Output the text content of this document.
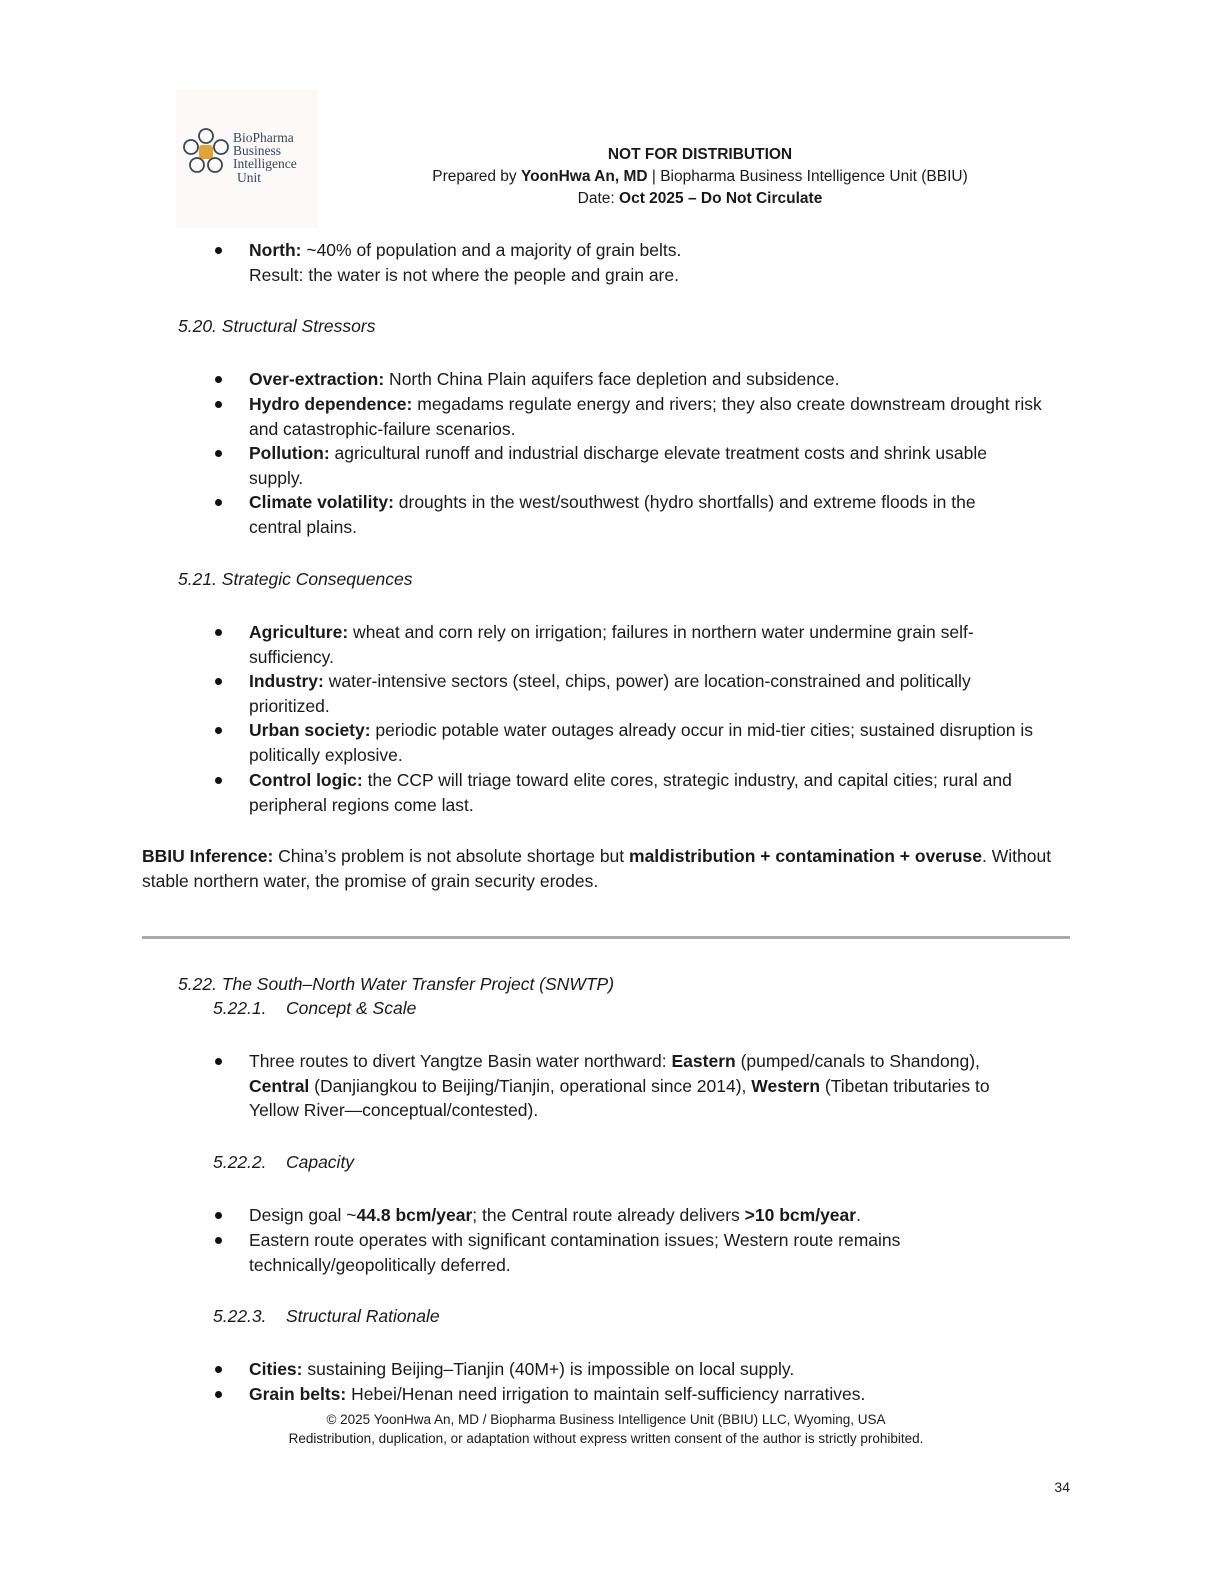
BioPharma
Business
Intelligence
Unit
NOT FOR DISTRIBUTION
Prepared by YoonHwa An, MD | Biopharma Business Intelligence Unit (BBIU)
Date: Oct 2025 – Do Not Circulate
North: ~40% of population and a majority of grain belts.
Result: the water is not where the people and grain are.
5.20. Structural Stressors
Over-extraction: North China Plain aquifers face depletion and subsidence.
Hydro dependence: megadams regulate energy and rivers; they also create downstream drought risk
and catastrophic-failure scenarios.
Pollution: agricultural runoff and industrial discharge elevate treatment costs and shrink usable
supply.
Climate volatility: droughts in the west/southwest (hydro shortfalls) and extreme floods in the
central plains.
5.21. Strategic Consequences
Agriculture: wheat and corn rely on irrigation; failures in northern water undermine grain self-
sufficiency.
Industry: water-intensive sectors (steel, chips, power) are location-constrained and politically
prioritized.
Urban society: periodic potable water outages already occur in mid-tier cities; sustained disruption is
politically explosive.
Control logic: the CCP will triage toward elite cores, strategic industry, and capital cities; rural and
peripheral regions come last.
BBIU Inference: China’s problem is not absolute shortage but maldistribution + contamination + overuse. Without
stable northern water, the promise of grain security erodes.
5.22. The South–North Water Transfer Project (SNWTP)
5.22.1.    Concept & Scale
Three routes to divert Yangtze Basin water northward: Eastern (pumped/canals to Shandong),
Central (Danjiangkou to Beijing/Tianjin, operational since 2014), Western (Tibetan tributaries to
Yellow River—conceptual/contested).
5.22.2.    Capacity
Design goal ~44.8 bcm/year; the Central route already delivers >10 bcm/year.
Eastern route operates with significant contamination issues; Western route remains
technically/geopolitically deferred.
5.22.3.    Structural Rationale
Cities: sustaining Beijing–Tianjin (40M+) is impossible on local supply.
Grain belts: Hebei/Henan need irrigation to maintain self-sufficiency narratives.
© 2025 YoonHwa An, MD / Biopharma Business Intelligence Unit (BBIU) LLC, Wyoming, USA
Redistribution, duplication, or adaptation without express written consent of the author is strictly prohibited.
34
